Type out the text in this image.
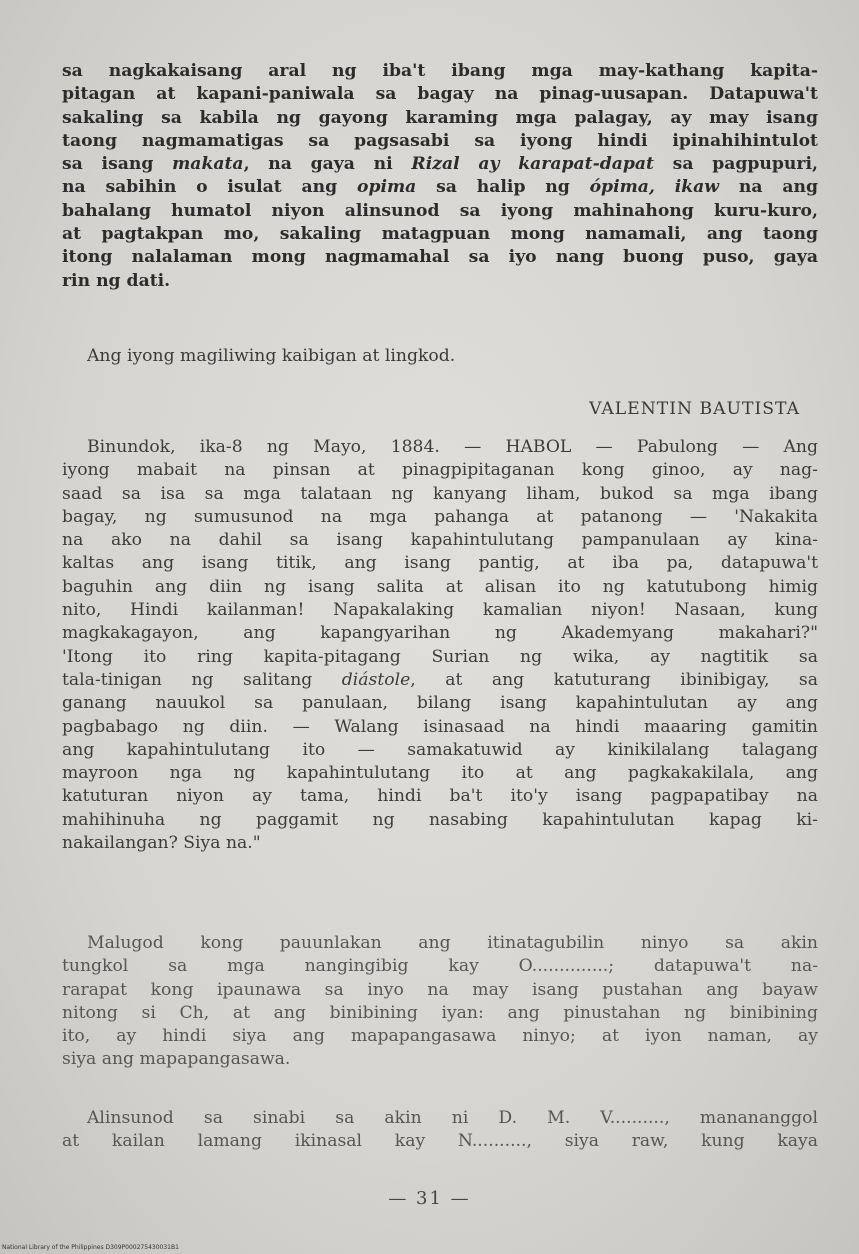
sa nagkakaisang aral ng iba't ibang mga may-kathang kapita-
pitagan at kapani-paniwala sa bagay na pinag-uusapan. Datapuwa't
sakaling sa kabila ng gayong karaming mga palagay, ay may isang
taong nagmamatigas sa pagsasabi sa iyong hindi ipinahihintulot
sa isang makata, na gaya ni Rizal ay karapat-dapat sa pagpupuri,
na sabihin o isulat ang opima sa halip ng ópima, ikaw na ang
bahalang humatol niyon alinsunod sa iyong mahinahong kuru-kuro,
at pagtakpan mo, sakaling matagpuan mong namamali, ang taong
itong nalalaman mong nagmamahal sa iyo nang buong puso, gaya
rin ng dati.
Ang iyong magiliwing kaibigan at lingkod.
VALENTIN BAUTISTA
Binundok, ika-8 ng Mayo, 1884. — HABOL — Pabulong — Ang
iyong mabait na pinsan at pinagpipitaganan kong ginoo, ay nag-
saad sa isa sa mga talataan ng kanyang liham, bukod sa mga ibang
bagay, ng sumusunod na mga pahanga at patanong — 'Nakakita
na ako na dahil sa isang kapahintulutang pampanulaan ay kina-
kaltas ang isang titik, ang isang pantig, at iba pa, datapuwa't
baguhin ang diin ng isang salita at alisan ito ng katutubong himig
nito, Hindi kailanman! Napakalaking kamalian niyon! Nasaan, kung
magkakagayon, ang kapangyarihan ng Akademyang makahari?"
'Itong ito ring kapita-pitagang Surian ng wika, ay nagtitik sa
tala-tinigan ng salitang diástole, at ang katuturang ibinibigay, sa
ganang nauukol sa panulaan, bilang isang kapahintulutan ay ang
pagbabago ng diin. — Walang isinasaad na hindi maaaring gamitin
ang kapahintulutang ito — samakatuwid ay kinikilalang talagang
mayroon nga ng kapahintulutang ito at ang pagkakakilala, ang
katuturan niyon ay tama, hindi ba't ito'y isang pagpapatibay na
mahihinuha ng paggamit ng nasabing kapahintulutan kapag ki-
nakailangan? Siya na."
Malugod kong pauunlakan ang itinatagubilin ninyo sa akin
tungkol sa mga nangingibig kay O..............; datapuwa't na-
rarapat kong ipaunawa sa inyo na may isang pustahan ang bayaw
nitong si Ch, at ang binibining iyan: ang pinustahan ng binibining
ito, ay hindi siya ang mapapangasawa ninyo; at iyon naman, ay
siya ang mapapangasawa.
Alinsunod sa sinabi sa akin ni D. M. V.........., mananangg​ol
at kailan lamang ikinasal kay N.........., siya raw, kung kaya
— 31 —
National Library of the Philippines D309P000275430031B1
